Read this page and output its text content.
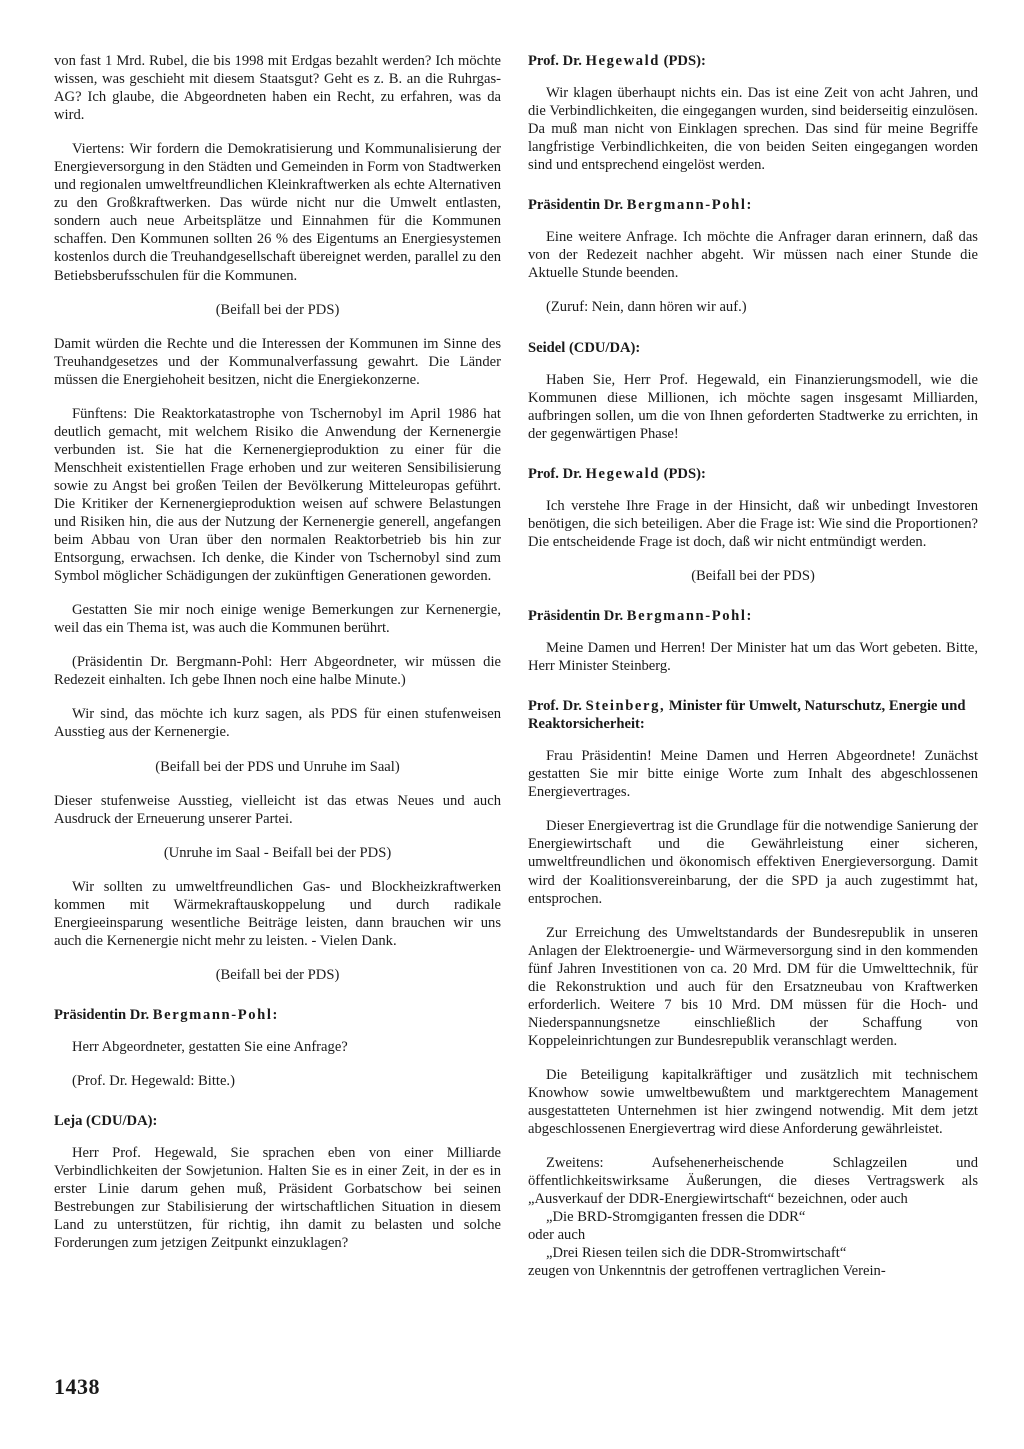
von fast 1 Mrd. Rubel, die bis 1998 mit Erdgas bezahlt werden? Ich möchte wissen, was geschieht mit diesem Staatsgut? Geht es z. B. an die Ruhrgas-AG? Ich glaube, die Abgeordneten haben ein Recht, zu erfahren, was da wird.

Viertens: Wir fordern die Demokratisierung und Kommunalisierung der Energieversorgung in den Städten und Gemeinden in Form von Stadtwerken und regionalen umweltfreundlichen Kleinkraftwerken als echte Alternativen zu den Großkraftwerken. Das würde nicht nur die Umwelt entlasten, sondern auch neue Arbeitsplätze und Einnahmen für die Kommunen schaffen. Den Kommunen sollten 26 % des Eigentums an Energiesystemen kostenlos durch die Treuhandgesellschaft übereignet werden, parallel zu den Betiebsberufsschulen für die Kommunen.

(Beifall bei der PDS)

Damit würden die Rechte und die Interessen der Kommunen im Sinne des Treuhandgesetzes und der Kommunalverfassung gewahrt. Die Länder müssen die Energiehoheit besitzen, nicht die Energiekonzerne.

Fünftens: Die Reaktorkatastrophe von Tschernobyl im April 1986 hat deutlich gemacht, mit welchem Risiko die Anwendung der Kernenergie verbunden ist. Sie hat die Kernenergieproduktion zu einer für die Menschheit existentiellen Frage erhoben und zur weiteren Sensibilisierung sowie zu Angst bei großen Teilen der Bevölkerung Mitteleuropas geführt. Die Kritiker der Kernenergieproduktion weisen auf schwere Belastungen und Risiken hin, die aus der Nutzung der Kernenergie generell, angefangen beim Abbau von Uran über den normalen Reaktorbetrieb bis hin zur Entsorgung, erwachsen. Ich denke, die Kinder von Tschernobyl sind zum Symbol möglicher Schädigungen der zukünftigen Generationen geworden.

Gestatten Sie mir noch einige wenige Bemerkungen zur Kernenergie, weil das ein Thema ist, was auch die Kommunen berührt.

(Präsidentin Dr. Bergmann-Pohl: Herr Abgeordneter, wir müssen die Redezeit einhalten. Ich gebe Ihnen noch eine halbe Minute.)

Wir sind, das möchte ich kurz sagen, als PDS für einen stufenweisen Ausstieg aus der Kernenergie.

(Beifall bei der PDS und Unruhe im Saal)

Dieser stufenweise Ausstieg, vielleicht ist das etwas Neues und auch Ausdruck der Erneuerung unserer Partei.

(Unruhe im Saal - Beifall bei der PDS)

Wir sollten zu umweltfreundlichen Gas- und Blockheizkraftwerken kommen mit Wärmekraftauskoppelung und durch radikale Energieeinsparung wesentliche Beiträge leisten, dann brauchen wir uns auch die Kernenergie nicht mehr zu leisten. - Vielen Dank.

(Beifall bei der PDS)

Präsidentin Dr. Bergmann-Pohl:

Herr Abgeordneter, gestatten Sie eine Anfrage?

(Prof. Dr. Hegewald: Bitte.)

Leja (CDU/DA):

Herr Prof. Hegewald, Sie sprachen eben von einer Milliarde Verbindlichkeiten der Sowjetunion. Halten Sie es in einer Zeit, in der es in erster Linie darum gehen muß, Präsident Gorbatschow bei seinen Bestrebungen zur Stabilisierung der wirtschaftlichen Situation in diesem Land zu unterstützen, für richtig, ihn damit zu belasten und solche Forderungen zum jetzigen Zeitpunkt einzuklagen?

Prof. Dr. Hegewald (PDS):

Wir klagen überhaupt nichts ein. Das ist eine Zeit von acht Jahren, und die Verbindlichkeiten, die eingegangen wurden, sind beiderseitig einzulösen. Da muß man nicht von Einklagen sprechen. Das sind für meine Begriffe langfristige Verbindlichkeiten, die von beiden Seiten eingegangen worden sind und entsprechend eingelöst werden.

Präsidentin Dr. Bergmann-Pohl:

Eine weitere Anfrage. Ich möchte die Anfrager daran erinnern, daß das von der Redezeit nachher abgeht. Wir müssen nach einer Stunde die Aktuelle Stunde beenden.

(Zuruf: Nein, dann hören wir auf.)

Seidel (CDU/DA):

Haben Sie, Herr Prof. Hegewald, ein Finanzierungsmodell, wie die Kommunen diese Millionen, ich möchte sagen insgesamt Milliarden, aufbringen sollen, um die von Ihnen geforderten Stadtwerke zu errichten, in der gegenwärtigen Phase!

Prof. Dr. Hegewald (PDS):

Ich verstehe Ihre Frage in der Hinsicht, daß wir unbedingt Investoren benötigen, die sich beteiligen. Aber die Frage ist: Wie sind die Proportionen? Die entscheidende Frage ist doch, daß wir nicht entmündigt werden.

(Beifall bei der PDS)

Präsidentin Dr. Bergmann-Pohl:

Meine Damen und Herren! Der Minister hat um das Wort gebeten. Bitte, Herr Minister Steinberg.

Prof. Dr. Steinberg, Minister für Umwelt, Naturschutz, Energie und Reaktorsicherheit:

Frau Präsidentin! Meine Damen und Herren Abgeordnete! Zunächst gestatten Sie mir bitte einige Worte zum Inhalt des abgeschlossenen Energievertrages.

Dieser Energievertrag ist die Grundlage für die notwendige Sanierung der Energiewirtschaft und die Gewährleistung einer sicheren, umweltfreundlichen und ökonomisch effektiven Energieversorgung. Damit wird der Koalitionsvereinbarung, der die SPD ja auch zugestimmt hat, entsprochen.

Zur Erreichung des Umweltstandards der Bundesrepublik in unseren Anlagen der Elektroenergie- und Wärmeversorgung sind in den kommenden fünf Jahren Investitionen von ca. 20 Mrd. DM für die Umwelttechnik, für die Rekonstruktion und auch für den Ersatzneubau von Kraftwerken erforderlich. Weitere 7 bis 10 Mrd. DM müssen für die Hoch- und Niederspannungsnetze einschließlich der Schaffung von Koppeleinrichtungen zur Bundesrepublik veranschlagt werden.

Die Beteiligung kapitalkräftiger und zusätzlich mit technischem Knowhow sowie umweltbewußtem und marktgerechtem Management ausgestatteten Unternehmen ist hier zwingend notwendig. Mit dem jetzt abgeschlossenen Energievertrag wird diese Anforderung gewährleistet.

Zweitens: Aufsehenerheischende Schlagzeilen und öffentlichkeitswirksame Äußerungen, die dieses Vertragswerk als „Ausverkauf der DDR-Energiewirtschaft“ bezeichnen, oder auch

„Die BRD-Stromgiganten fressen die DDR“
oder auch
„Drei Riesen teilen sich die DDR-Stromwirtschaft“
zeugen von Unkenntnis der getroffenen vertraglichen Verein-

1438
